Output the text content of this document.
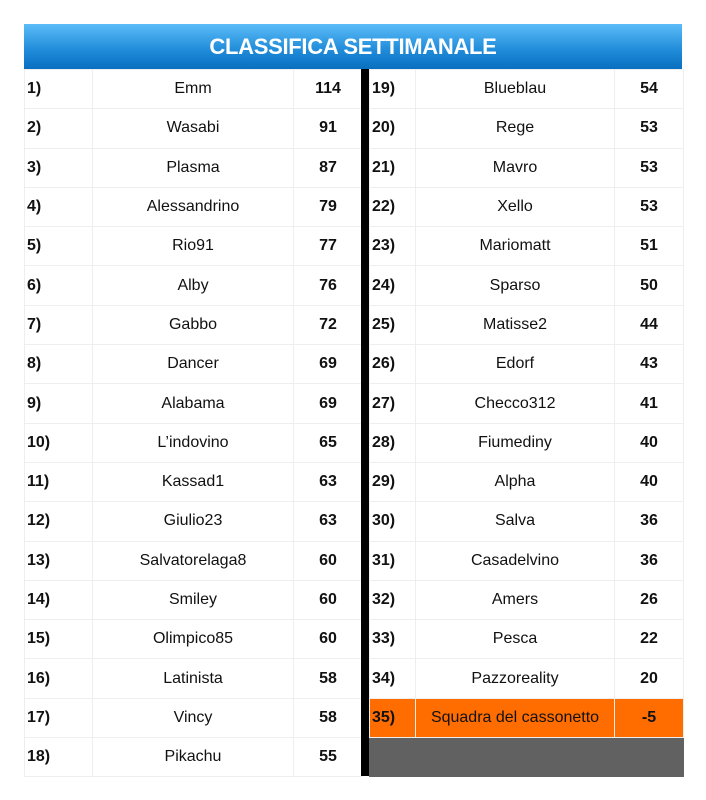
CLASSIFICA SETTIMANALE
1)	Emm	114
2)	Wasabi	91
3)	Plasma	87
4)	Alessandrino	79
5)	Rio91	77
6)	Alby	76
7)	Gabbo	72
8)	Dancer	69
9)	Alabama	69
10)	L’indovino	65
11)	Kassad1	63
12)	Giulio23	63
13)	Salvatorelaga8	60
14)	Smiley	60
15)	Olimpico85	60
16)	Latinista	58
17)	Vincy	58
18)	Pikachu	55
19)	Blueblau	54
20)	Rege	53
21)	Mavro	53
22)	Xello	53
23)	Mariomatt	51
24)	Sparso	50
25)	Matisse2	44
26)	Edorf	43
27)	Checco312	41
28)	Fiumediny	40
29)	Alpha	40
30)	Salva	36
31)	Casadelvino	36
32)	Amers	26
33)	Pesca	22
34)	Pazzoreality	20
35)	Squadra del cassonetto	-5
